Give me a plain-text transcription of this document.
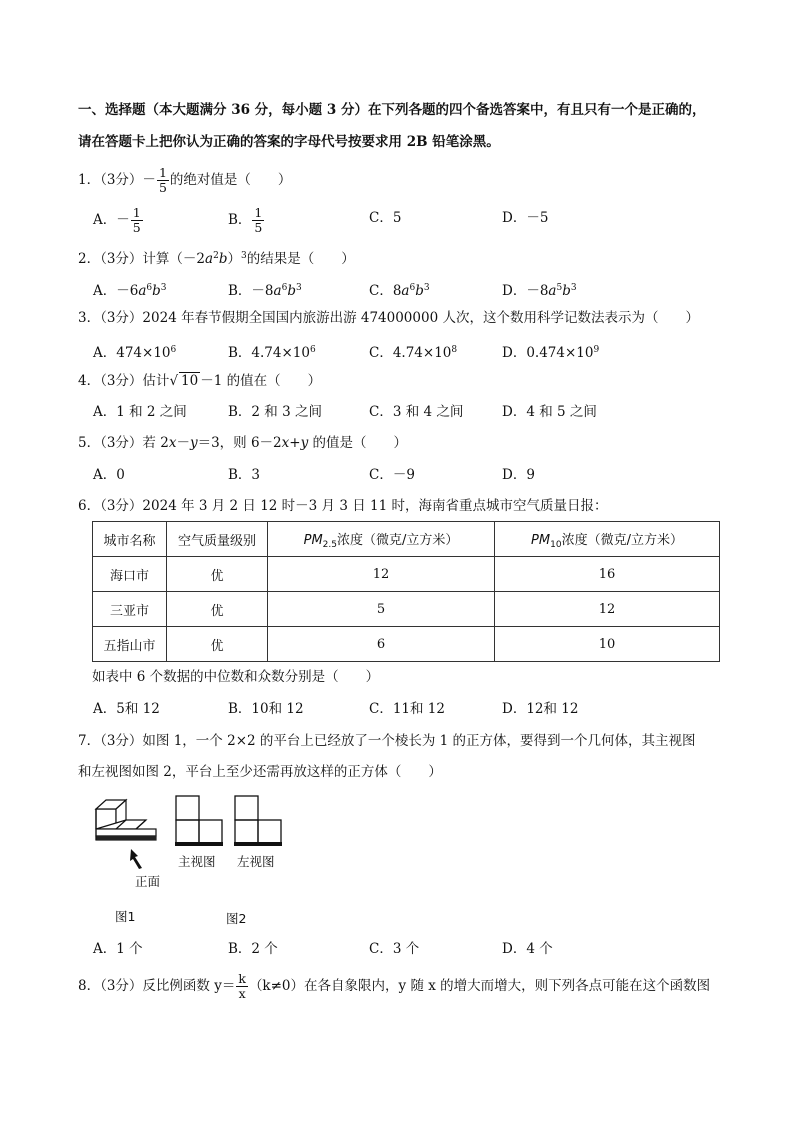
一、选择题（本大题满分 36 分，每小题 3 分）在下列各题的四个备选答案中，有且只有一个是正确的，
请在答题卡上把你认为正确的答案的字母代号按要求用 2B 铅笔涂黑。
1．（3分）－ $\frac{1}{5}$ 的绝对值是（　　）
A．－ $\frac{1}{5}$	B． $\frac{1}{5}$	C．5	D．－5
2．（3分）计算$(-2a^2b)^3$的结果是（　　）
A．$-6a^6b^3$	B．$-8a^6b^3$	C．$8a^6b^3$	D．$-8a^5b^3$
3．（3分）2024 年春节假期全国国内旅游出游 474000000 人次，这个数用科学记数法表示为（　　）
A．$474\times 10^6$	B．$4.74\times 10^6$	C．$4.74\times 10^8$	D．$0.474\times 10^9$
4．（3分）估计√ 10 －1 的值在（　　）
A．1 和 2 之间	B．2 和 3 之间	C．3 和 4 之间	D．4 和 5 之间
5．（3分）若 2x－y＝3，则 6－2x+y 的值是（　　）
A．0	B．3	C．－9	D．9
6．（3分）2024 年 3 月 2 日 12 时－3 月 3 日 11 时，海南省重点城市空气质量日报：
城市名称	空气质量级别	$PM_{2.5}$浓度（微克/立方米）	$PM_{10}$浓度（微克/立方米）
海口市	优	12	16
三亚市	优	5	12
五指山市	优	6	10
如表中 6 个数据的中位数和众数分别是（　　）
A．5和 12	B．10和 12	C．11和 12	D．12和 12
7．（3分）如图 1，一个 2×2 的平台上已经放了一个棱长为 1 的正方体，要得到一个几何体，其主视图
和左视图如图 2，平台上至少还需再放这样的正方体（　　）
正面
主视图 左视图
图1	图2
A．1 个	B．2 个	C．3 个	D．4 个
8．（3分）反比例函数 $y= \frac{k}{x} (k\ne 0)$在各自象限内，y 随 x 的增大而增大，则下列各点可能在这个函数图
